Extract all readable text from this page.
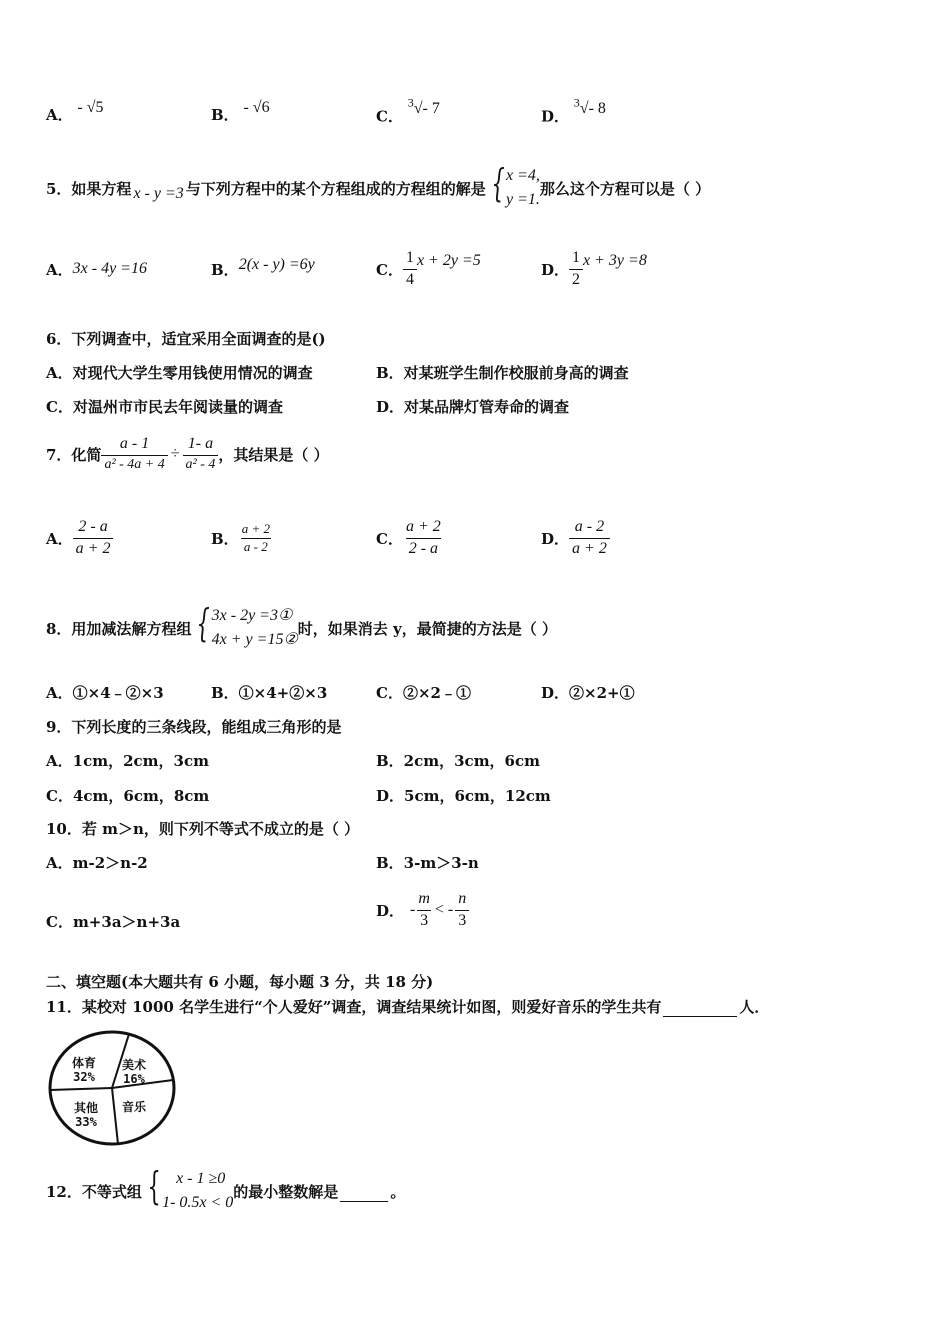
A． - √5	B． - √6	C． $^3$√- 7	D． $^3$√- 8
5．如果方程 x - y =3 与下列方程中的某个方程组成的方程组的解是 { x =4,
y =1.
那么这个方程可以是（ ）
A． 3x - 4y =16	B． 2(x - y) =6y	C． $\frac{1}{4}$ x + 2y =5	D． $\frac{1}{2}$ x + 3y =8
6．下列调查中，适宜采用全面调查的是()
A．对现代大学生零用钱使用情况的调查	B．对某班学生制作校服前身高的调查
C．对温州市市民去年阅读量的调查	D．对某品牌灯管寿命的调查
7．化简 $\frac{a - 1}{\text{a² - 4a + 4}} \div \frac{1- a}{\text{a² - 4}}$ ，其结果是（ ）
A． $\frac{2 - a}{a + 2}$	B． $\frac{a + 2}{a - 2}$	C． $\frac{a + 2}{2 - a}$	D． $\frac{a - 2}{a + 2}$
8．用加减法解方程组 { 3x - 2y =3①
4x + y =15②
时，如果消去 y，最简捷的方法是（ ）
A．①×4﹣②×3	B．①×4+②×3	C．②×2﹣①	D．②×2+①
9．下列长度的三条线段，能组成三角形的是
A．1cm，2cm，3cm	B．2cm，3cm，6cm
C．4cm，6cm，8cm	D．5cm，6cm，12cm
10．若 m＞n，则下列不等式不成立的是（ ）
A．m-2＞n-2	B．3-m＞3-n
C．m+3a＞n+3a
D． - $\frac{m}{3}$ < - $\frac{n}{3}$
二、填空题(本大题共有 6 小题，每小题 3 分，共 18 分)
11．某校对 1000 名学生进行“个人爱好”调查，调查结果统计如图，则爱好音乐的学生共有	人．
体育
32%
美术
16%
音乐
其他
33%
12．不等式组 { x - 1 ≥0
1- 0.5x < 0
的最小整数解是	。
